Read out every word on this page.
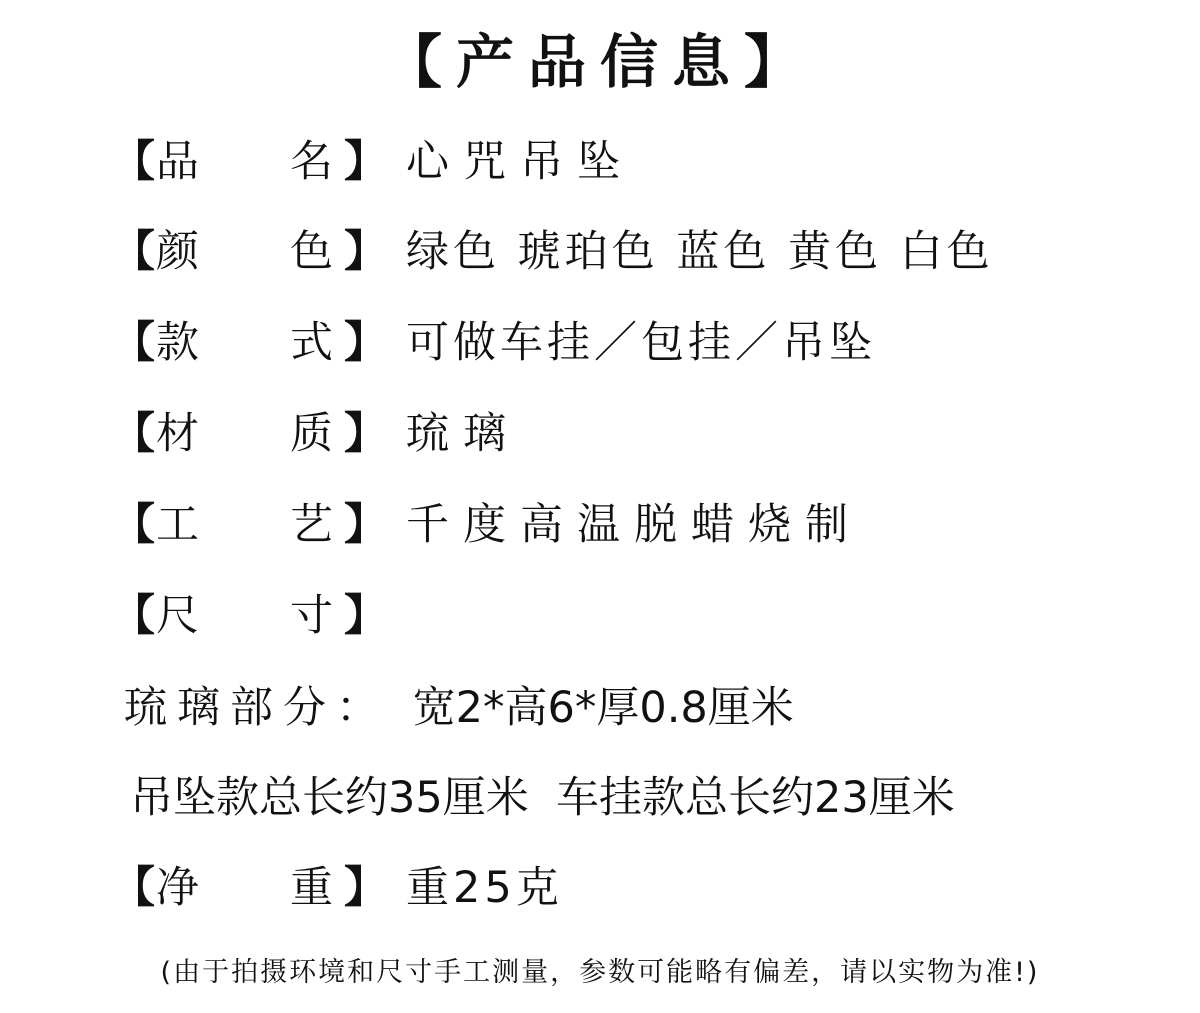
【产品信息】
【 品 名 】 心咒吊坠
【 颜 色 】 绿色 琥珀色 蓝色 黄色 白色
【 款 式 】 可做车挂／包挂／吊坠
【 材 质 】 琉璃
【 工 艺 】 千度高温脱蜡烧制
【 尺 寸 】
琉璃部分： 宽2*高6*厚0.8厘米
吊坠款总长约35厘米  车挂款总长约23厘米
【 净 重 】 重25克
(由于拍摄环境和尺寸手工测量，参数可能略有偏差，请以实物为准!)
